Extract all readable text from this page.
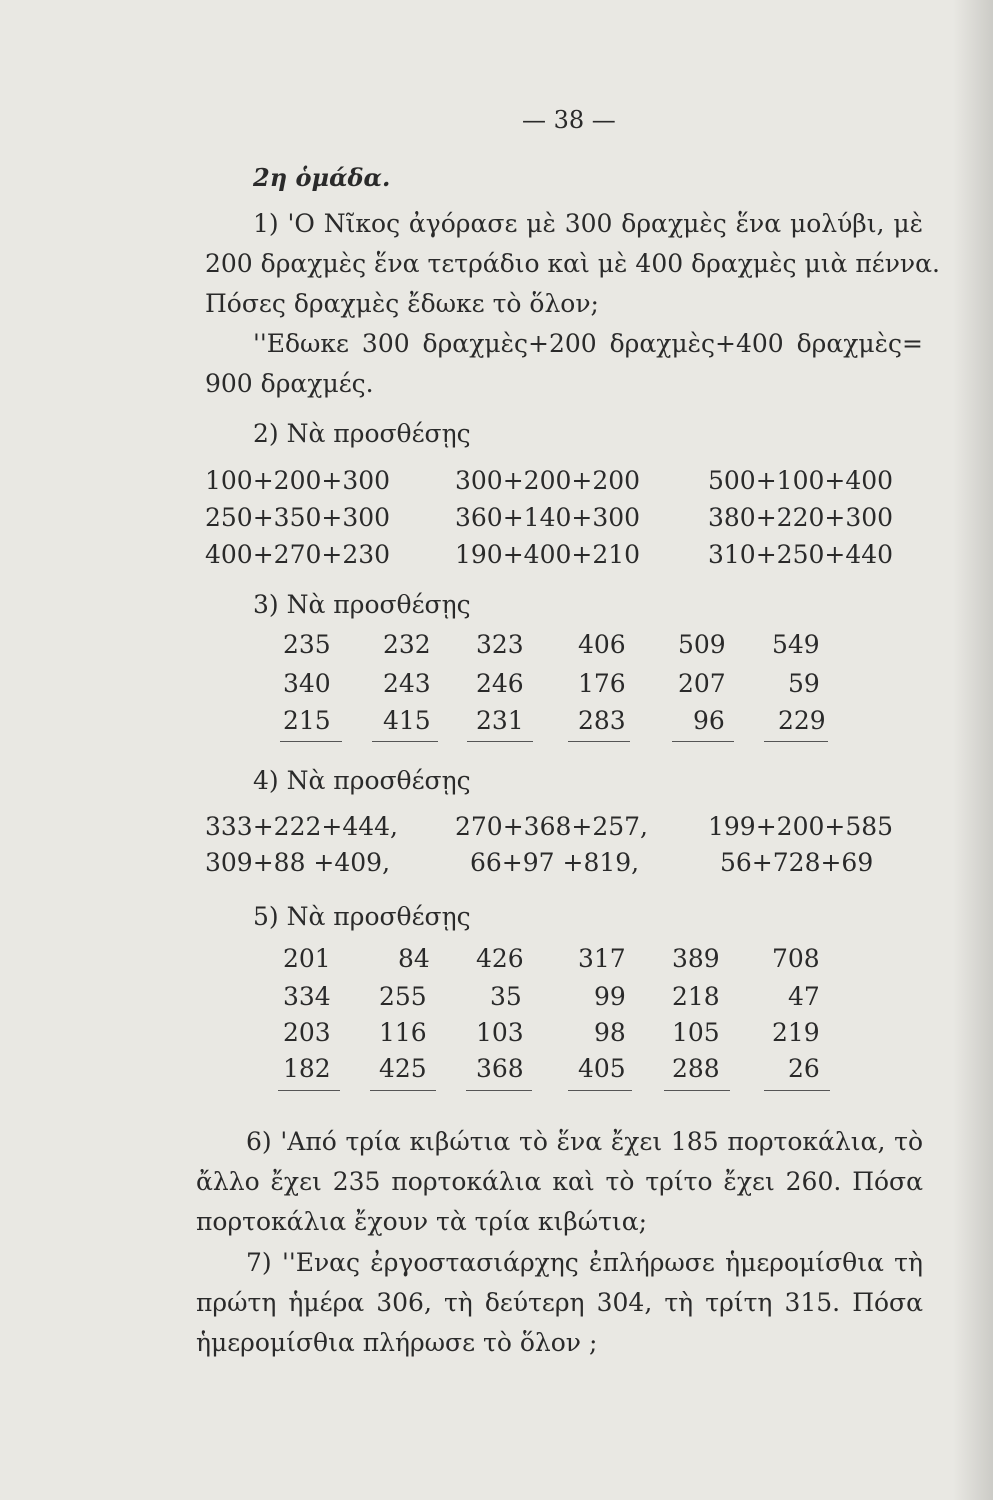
— 38 —
2η ὁμάδα.
1) 'Ο Νῖκος ἀγόρασε μὲ 300 δραχμὲς ἕνα μολύβι, μὲ
200 δραχμὲς ἕνα τετράδιο καὶ μὲ 400 δραχμὲς μιὰ πέννα.
Πόσες δραχμὲς ἔδωκε τὸ ὅλον;
''Εδωκε 300 δραχμὲς+200 δραχμὲς+400 δραχμὲς=
900 δραχμές.
2) Νὰ προσθέσῃς
100+200+300	300+200+200	500+100+400
250+350+300	360+140+300	380+220+300
400+270+230	190+400+210	310+250+440
3) Νὰ προσθέσῃς
235 232 323 406 509 549
340 243 246 176 207 59
215 415 231 283	96 229
4) Νὰ προσθέσῃς
333+222+444, 270+368+257, 199+200+585
309+88 +409,	66+97 +819,	56+728+69
5) Νὰ προσθέσῃς
201	84 426 317 389 708
334 255	35	99 218	47
203 116 103	98 105 219
182 425 368 405 288	26
6) 'Από τρία κιβώτια τὸ ἕνα ἔχει 185 πορτοκάλια, τὸ
ἄλλο ἔχει 235 πορτοκάλια καὶ τὸ τρίτο ἔχει 260. Πόσα
πορτοκάλια ἔχουν τὰ τρία κιβώτια;
7) ''Ενας ἐργοστασιάρχης ἐπλήρωσε ἡμερομίσθια τὴ
πρώτη ἡμέρα 306, τὴ δεύτερη 304, τὴ τρίτη 315. Πόσα
ἡμερομίσθια πλήρωσε τὸ ὅλον ;
